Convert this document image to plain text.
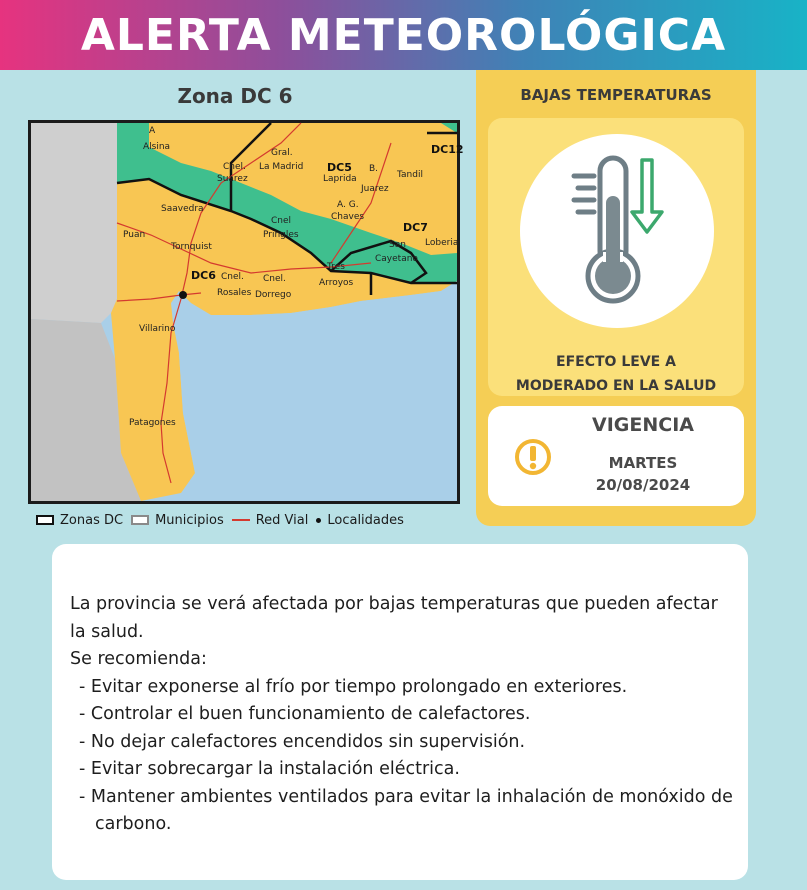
ALERTA METEOROLÓGICA
Zona DC 6
DC12
DC5
DC6
DC7
A
Alsina
Gral.
La Madrid
Cnel.
Suarez	Laprida
B.
Juarez
Tandil
A. G.
Chaves
Saavedra
Cnel
Pringles
Puan
Tornquist	San
Cayetano
Loberia
Tres
Arroyos
Cnel.
Rosales
Cnel.
Dorrego
Villarino
Patagones
Zonas DC Municipios Red Vial Localidades
BAJAS TEMPERATURAS
EFECTO LEVE A
MODERADO EN LA SALUD
VIGENCIA
MARTES
20/08/2024

La provincia se verá afectada por bajas temperaturas que pueden afectar la salud.

Se recomienda:

- Evitar exponerse al frío por tiempo prolongado en exteriores.
- Controlar el buen funcionamiento de calefactores.
- No dejar calefactores encendidos sin supervisión.
- Evitar sobrecargar la instalación eléctrica.
- Mantener ambientes ventilados para evitar la inhalación de monóxido de carbono.
